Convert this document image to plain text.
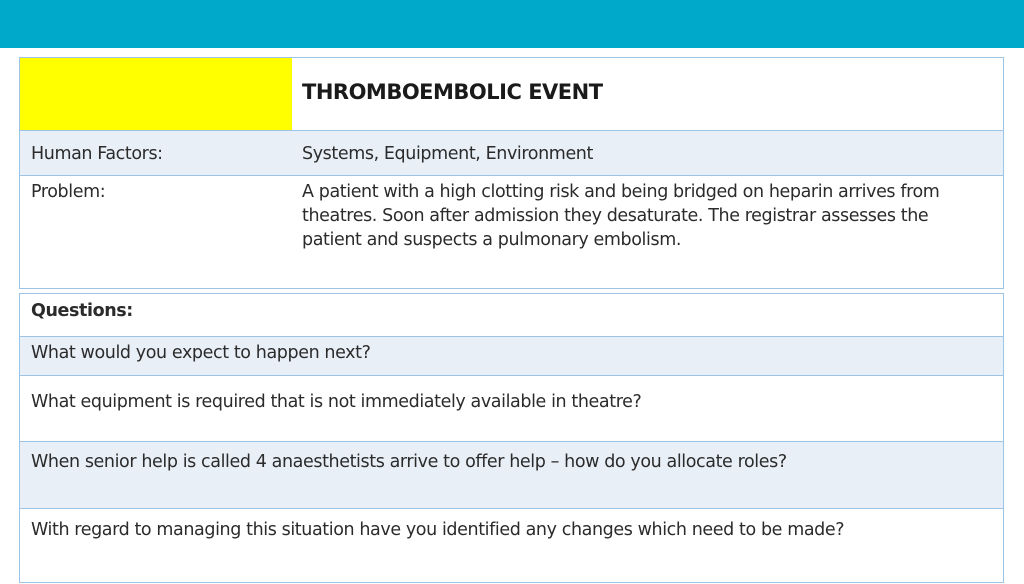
THROMBOEMBOLIC EVENT
Human Factors:	Systems, Equipment, Environment
Problem:	A patient with a high clotting risk and being bridged on heparin arrives from theatres. Soon after admission they desaturate. The registrar assesses the patient and suspects a pulmonary embolism.
Questions:
What would you expect to happen next?
What equipment is required that is not immediately available in theatre?
When senior help is called 4 anaesthetists arrive to offer help – how do you allocate roles?
With regard to managing this situation have you identified any changes which need to be made?
